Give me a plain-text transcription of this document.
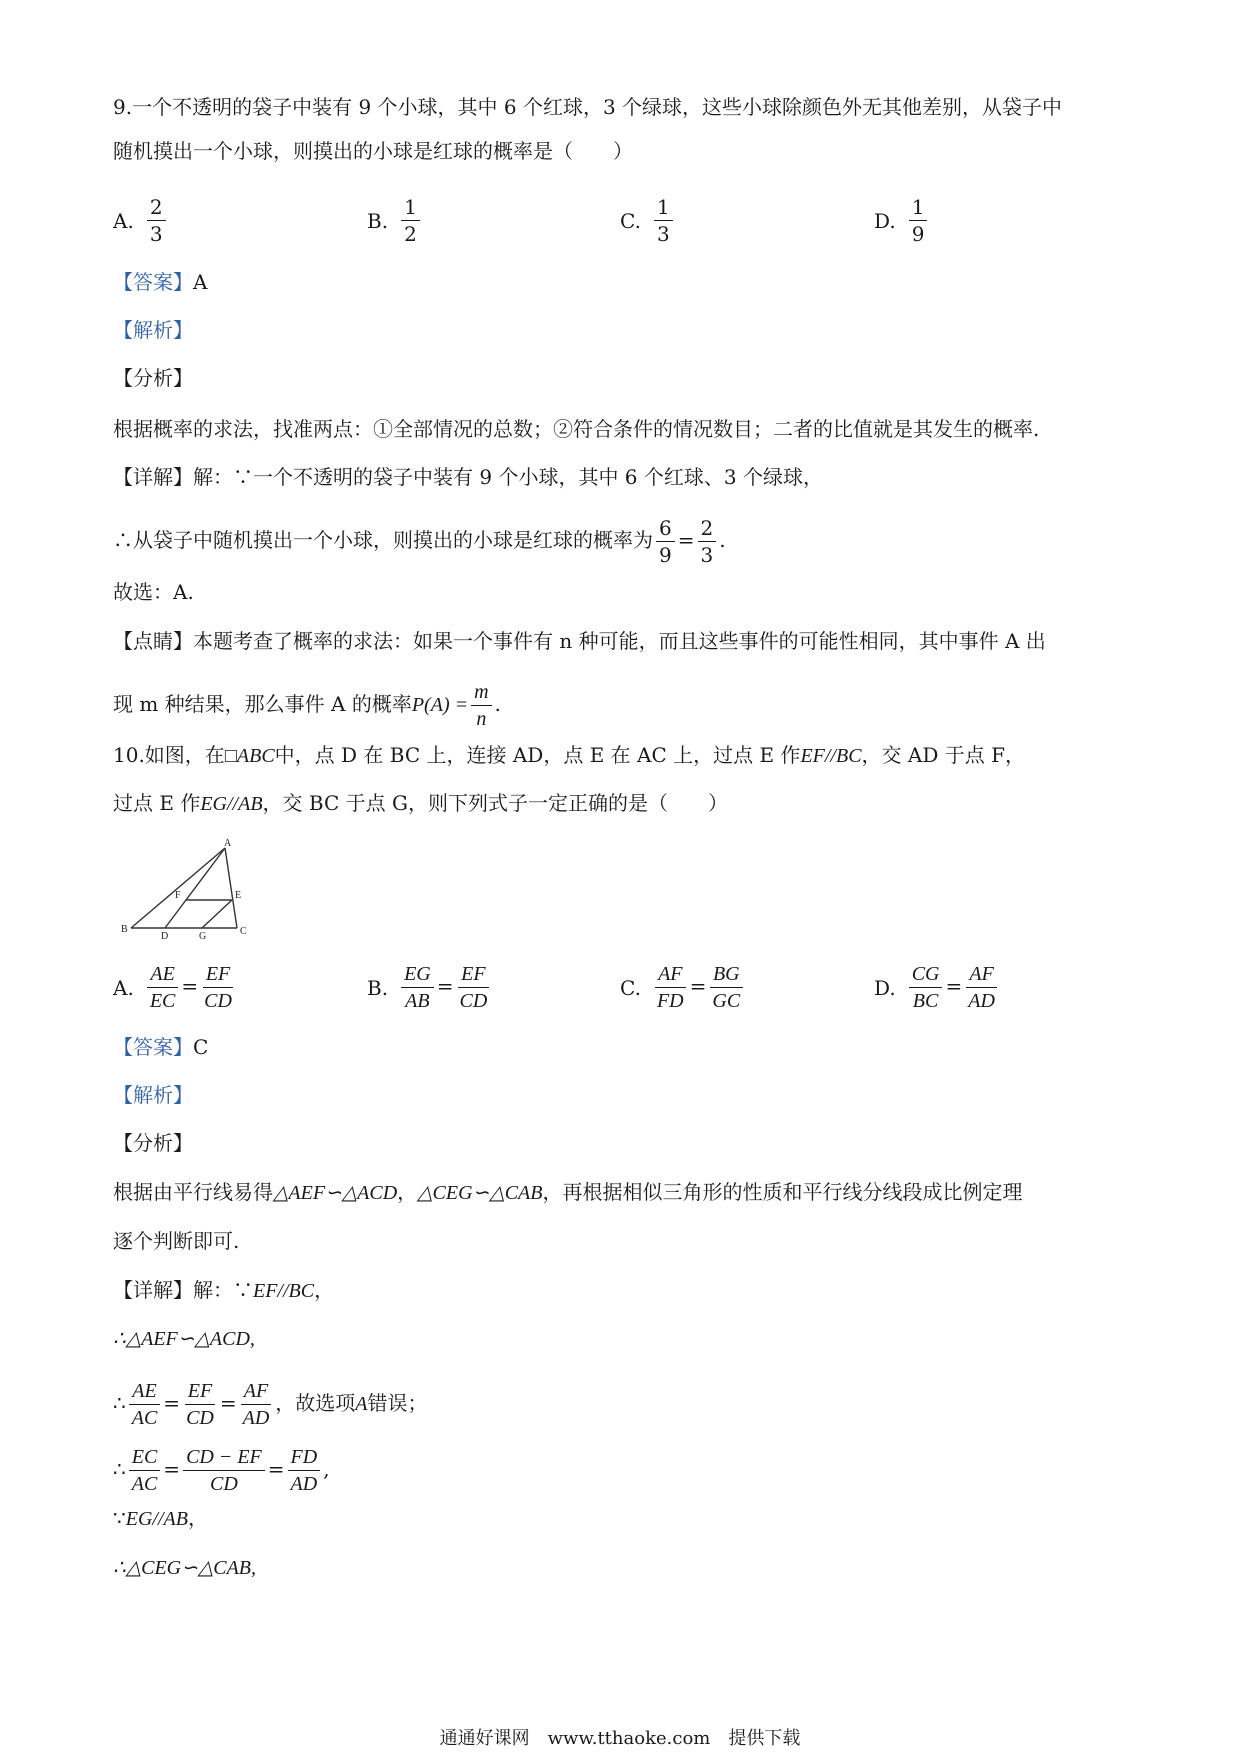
9.一个不透明的袋子中装有 9 个小球，其中 6 个红球，3 个绿球，这些小球除颜色外无其他差别，从袋子中
随机摸出一个小球，则摸出的小球是红球的概率是（　　）
A. $\frac{2}{3}$	B. $\frac{1}{2}$	C. $\frac{1}{3}$	D. $\frac{1}{9}$
【答案】A
【解析】
【分析】
根据概率的求法，找准两点：①全部情况的总数；②符合条件的情况数目；二者的比值就是其发生的概率.
【详解】解：∵一个不透明的袋子中装有 9 个小球，其中 6 个红球、3 个绿球，
∴从袋子中随机摸出一个小球，则摸出的小球是红球的概率为 $\frac{6}{9} = \frac{2}{3}$ .
故选：A.
【点睛】本题考查了概率的求法：如果一个事件有 n 种可能，而且这些事件的可能性相同，其中事件 A 出
现 m 种结果，那么事件 A 的概率$P(A) = \frac{m}{n}$ .
10.如图，在□ABC中，点 D 在 BC 上，连接 AD，点 E 在 AC 上，过点 E 作EF//BC，交 AD 于点 F，
过点 E 作EG//AB，交 BC 于点 G，则下列式子一定正确的是（　　）
A
B	C
D
E
F
G
A. $\frac{AE}{EC} = \frac{EF}{CD}$	B. $\frac{EG}{AB} = \frac{EF}{CD}$	C. $\frac{AF}{FD} = \frac{BG}{GC}$	D. $\frac{CG}{BC} = \frac{AF}{AD}$
【答案】C
【解析】
【分析】
根据由平行线易得△AEF∽△ACD，△CEG∽△CAB，再根据相似三角形的性质和平行线分线段成比例定理
逐个判断即可.
【详解】解：∵EF//BC，
∴△AEF∽△ACD,
∴ $\frac{AE}{AC} = \frac{EF}{CD} = \frac{AF}{AD}$ ，故选项A错误；
∴ $\frac{EC}{AC} = \frac{CD - EF}{CD} = \frac{FD}{AD}$ ,
∵EG//AB，
∴△CEG∽△CAB,
通通好课网　www.tthaoke.com　提供下载
